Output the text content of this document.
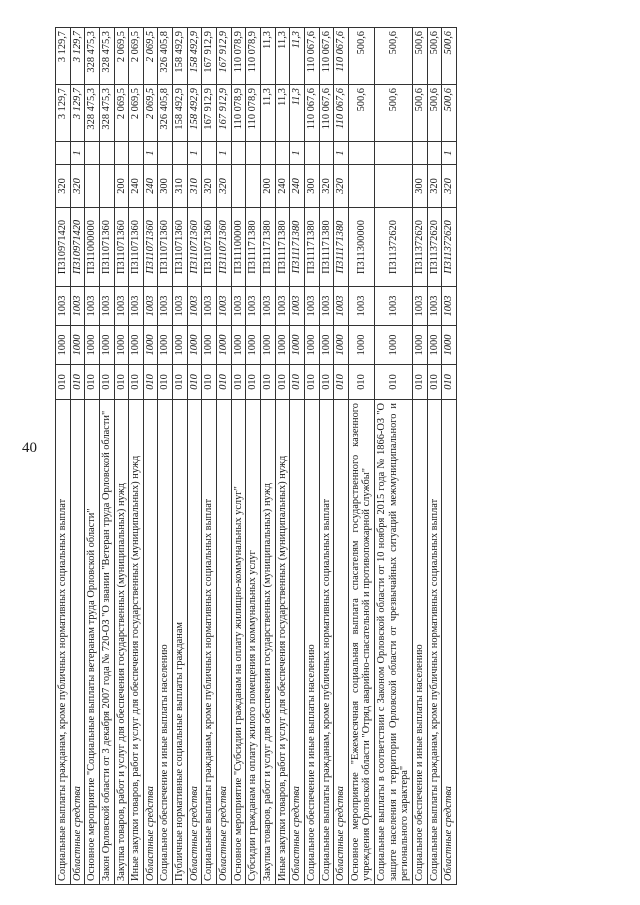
40
Социальные выплаты гражданам, кроме публичных нормативных социальных выплат	010	1000	1003	П310971420	320		3 129,7	3 129,7
Областные средства	010	1000	1003	П310971420	320	1	3 129,7	3 129,7
Основное мероприятие "Социальные выплаты ветеранам труда Орловской области"	010	1000	1003	П311000000			328 475,3	328 475,3
Закон Орловской области от 3 декабря 2007 года № 720-ОЗ "О звании "Ветеран труда Орловской области"	010	1000	1003	П311071360			328 475,3	328 475,3
Закупка товаров, работ и услуг для обеспечения государственных (муниципальных) нужд	010	1000	1003	П311071360	200		2 069,5	2 069,5
Иные закупки товаров, работ и услуг для обеспечения государственных (муниципальных) нужд	010	1000	1003	П311071360	240		2 069,5	2 069,5
Областные средства	010	1000	1003	П311071360	240	1	2 069,5	2 069,5
Социальное обеспечение и иные выплаты населению	010	1000	1003	П311071360	300		326 405,8	326 405,8
Публичные нормативные социальные выплаты гражданам	010	1000	1003	П311071360	310		158 492,9	158 492,9
Областные средства	010	1000	1003	П311071360	310	1	158 492,9	158 492,9
Социальные выплаты гражданам, кроме публичных нормативных социальных выплат	010	1000	1003	П311071360	320		167 912,9	167 912,9
Областные средства	010	1000	1003	П311071360	320	1	167 912,9	167 912,9
Основное мероприятие "Субсидии гражданам на оплату жилищно-коммунальных услуг"	010	1000	1003	П311100000			110 078,9	110 078,9
Субсидии гражданам на оплату жилого помещения и коммунальных услуг	010	1000	1003	П311171380			110 078,9	110 078,9
Закупка товаров, работ и услуг для обеспечения государственных (муниципальных) нужд	010	1000	1003	П311171380	200		11,3	11,3
Иные закупки товаров, работ и услуг для обеспечения государственных (муниципальных) нужд	010	1000	1003	П311171380	240		11,3	11,3
Областные средства	010	1000	1003	П311171380	240	1	11,3	11,3
Социальное обеспечение и иные выплаты населению	010	1000	1003	П311171380	300		110 067,6	110 067,6
Социальные выплаты гражданам, кроме публичных нормативных социальных выплат	010	1000	1003	П311171380	320		110 067,6	110 067,6
Областные средства	010	1000	1003	П311171380	320	1	110 067,6	110 067,6
Основное мероприятие "Ежемесячная социальная выплата спасателям государственного казенного учреждения Орловской области "Отряд аварийно-спасательной и противопожарной службы"	010	1000	1003	П311300000			500,6	500,6
Социальные выплаты в соответствии с Законом Орловской области от 10 ноября 2015 года № 1866-ОЗ "О защите населения и территории Орловской области от чрезвычайных ситуаций межмуниципального и регионального характера"	010	1000	1003	П311372620			500,6	500,6
Социальное обеспечение и иные выплаты населению	010	1000	1003	П311372620	300		500,6	500,6
Социальные выплаты гражданам, кроме публичных нормативных социальных выплат	010	1000	1003	П311372620	320		500,6	500,6
Областные средства	010	1000	1003	П311372620	320	1	500,6	500,6
